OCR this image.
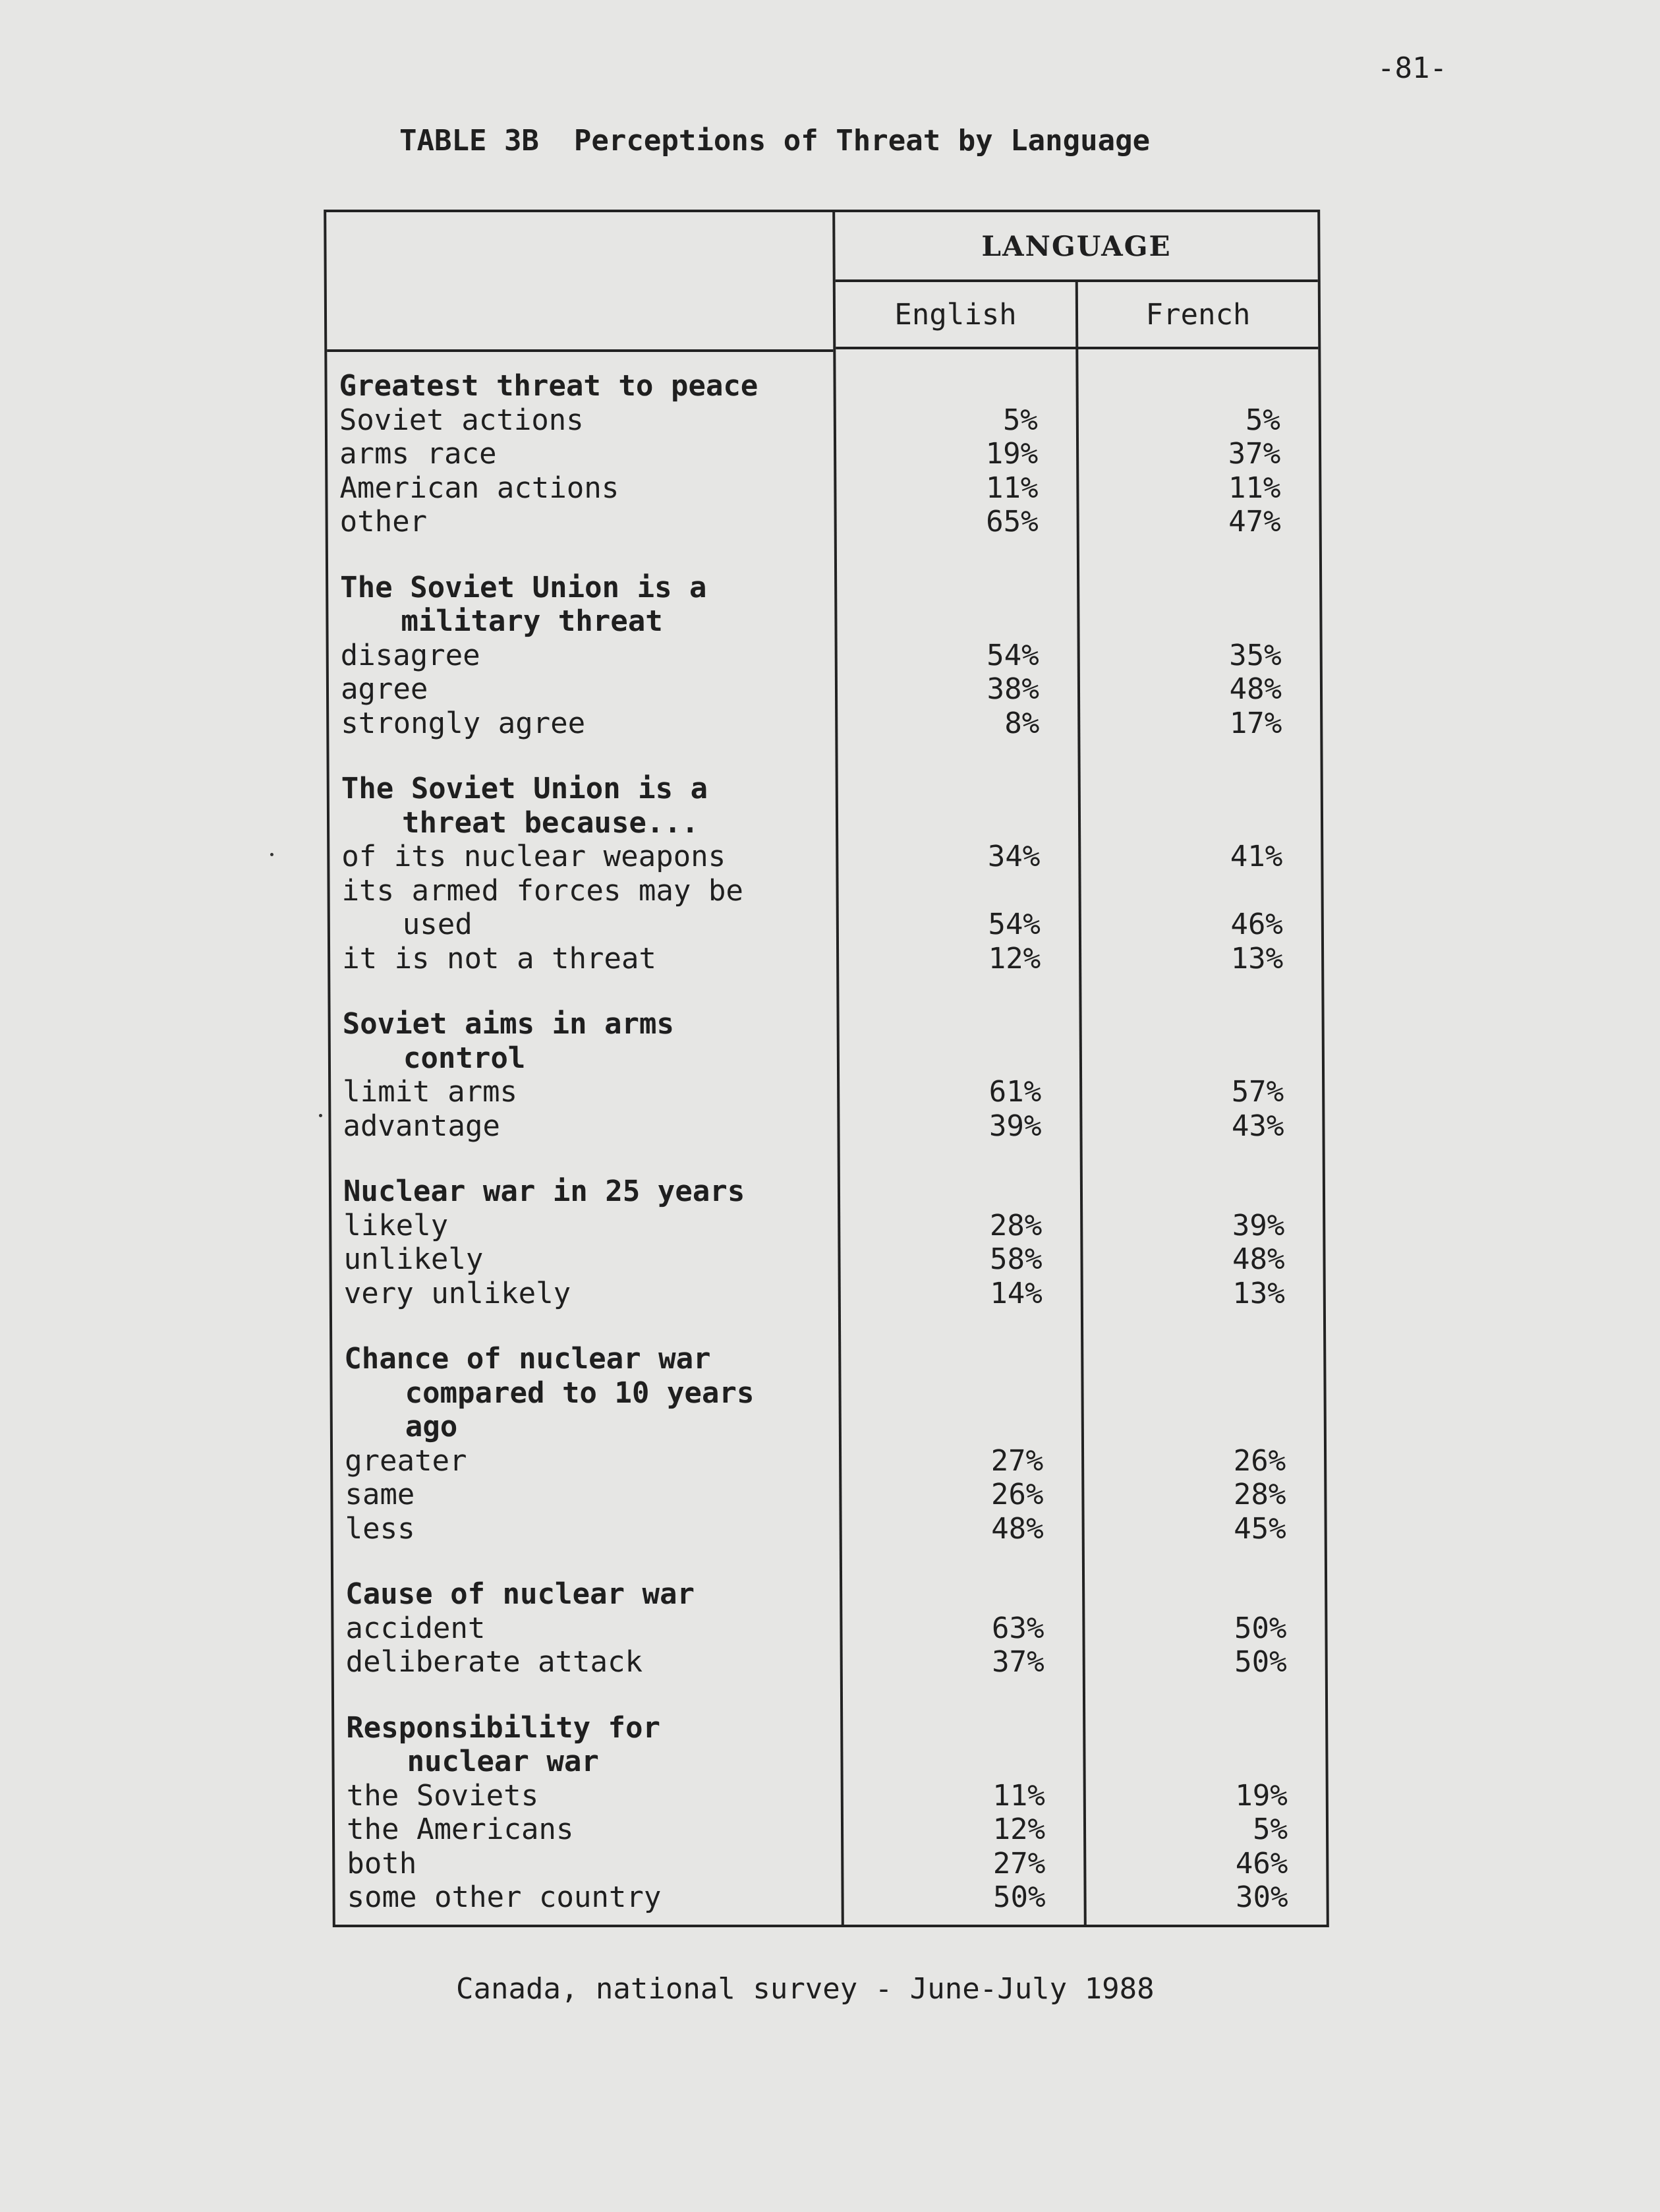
-81-
TABLE 3B  Perceptions of Threat by Language
Greatest threat to peace
Soviet actions
arms race
American actions
other
The Soviet Union is a
military threat
disagree
agree
strongly agree
The Soviet Union is a
threat because...
of its nuclear weapons
its armed forces may be
used
it is not a threat
Soviet aims in arms
control
limit arms
advantage
Nuclear war in 25 years
likely
unlikely
very unlikely
Chance of nuclear war
compared to 10 years
ago
greater
same
less
Cause of nuclear war
accident
deliberate attack
Responsibility for
nuclear war
the Soviets
the Americans
both
some other country
LANGUAGE
English	French
5%
19%
11%
65%
54%
38%
8%
34%
54%
12%
61%
39%
28%
58%
14%
27%
26%
48%
63%
37%
11%
12%
27%
50%
5%
37%
11%
47%
35%
48%
17%
41%
46%
13%
57%
43%
39%
48%
13%
26%
28%
45%
50%
50%
19%
5%
46%
30%
Canada, national survey - June-July 1988
